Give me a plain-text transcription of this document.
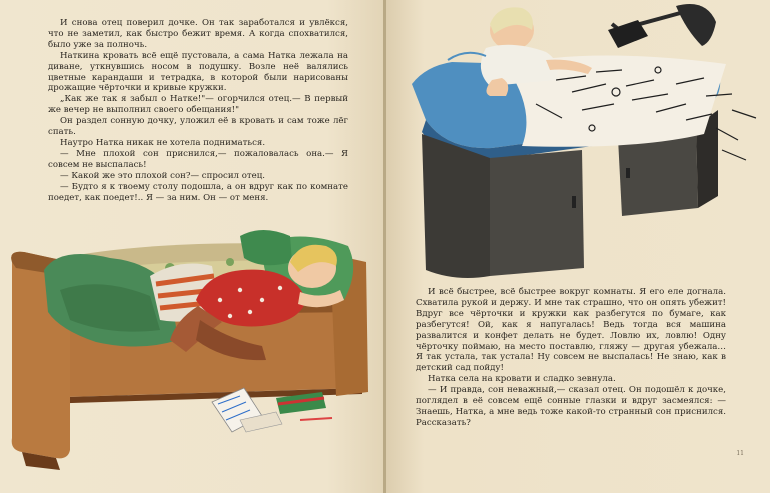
И снова отец поверил дочке. Он так заработался и увлёкся, что не заметил, как быстро бежит время. А когда спохватился, было уже за полночь.

Наткина кровать всё ещё пустовала, а сама Натка лежала на диване, уткнувшись носом в подушку. Возле неё валялись цветные карандаши и тетрадка, в которой были нарисованы дрожащие чёрточки и кривые кружки.

„Как же так я забыл о Натке!"— огорчился отец.— В первый же вечер не выполнил своего обещания!"

Он раздел сонную дочку, уложил её в кровать и сам тоже лёг спать.

Наутро Натка никак не хотела подниматься.

— Мне плохой сон приснился,— пожаловалась она.— Я совсем не выспалась!

— Какой же это плохой сон?— спросил отец.

— Будто я к твоему столу подошла, а он вдруг как по комнате поедет, как поедет!.. Я — за ним. Он — от меня.

И всё быстрее, всё быстрее вокруг комнаты. Я его еле догнала. Схватила рукой и держу. И мне так страшно, что он опять убежит! Вдруг все чёрточки и кружки как разбегутся по бумаге, как разбегутся! Ой, как я напугалась! Ведь тогда вся машина развалится и конфет делать не будет. Ловлю их, ловлю! Одну чёрточку поймаю, на место поставлю, гляжу — другая убежала… Я так устала, так устала! Ну совсем не выспалась! Не знаю, как в детский сад пойду!

Натка села на кровати и сладко зевнула.

— И правда, сон неважный,— сказал отец. Он подошёл к дочке, поглядел в её совсем ещё сонные глазки и вдруг засмеялся: — Знаешь, Натка, а мне ведь тоже какой-то странный сон приснился. Рассказать?

11
